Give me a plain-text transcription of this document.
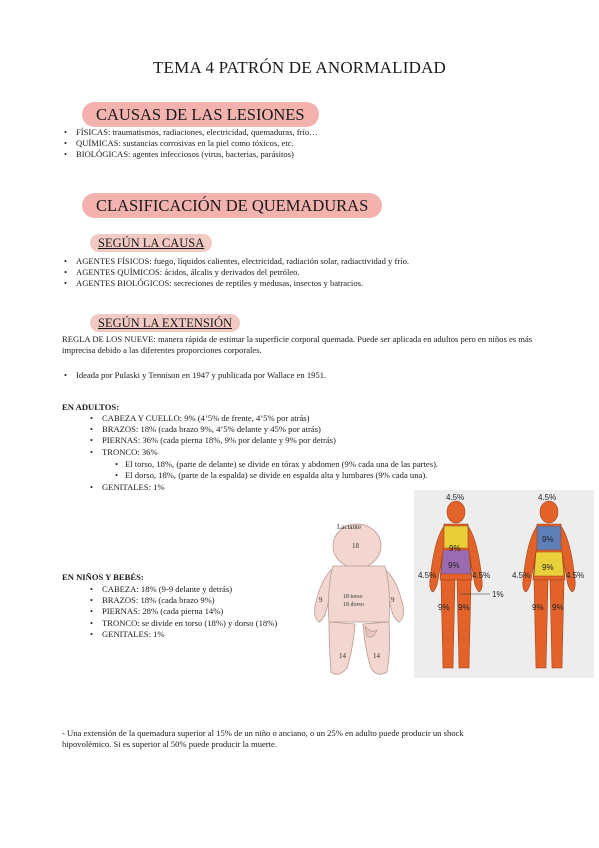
TEMA 4 PATRÓN DE ANORMALIDAD
CAUSAS DE LAS LESIONES
• FÍSICAS: traumatismos, radiaciones, electricidad, quemaduras, frío…
• QUÍMICAS: sustancias corrosivas en la piel como tóxicos, etc.
• BIOLÓGICAS: agentes infecciosos (virus, bacterias, parásitos)
CLASIFICACIÓN DE QUEMADURAS
SEGÚN LA CAUSA
• AGENTES FÍSICOS: fuego, líquidos calientes, electricidad, radiación solar, radiactividad y frío.
• AGENTES QUÍMICOS: ácidos, álcalis y derivados del petróleo.
• AGENTES BIOLÓGICOS: secreciones de reptiles y medusas, insectos y batracios.
SEGÚN LA EXTENSIÓN
REGLA DE LOS NUEVE: manera rápida de estimar la superficie corporal quemada. Puede ser aplicada en adultos pero en niños es más imprecisa debido a las diferentes proporciones corporales.
• Ideada por Pulaski y Tennison en 1947 y publicada por Wallace en 1951.
EN ADULTOS:
• CABEZA Y CUELLO: 9% (4’5% de frente, 4’5% por atrás)
• BRAZOS: 18% (cada brazo 9%, 4’5% delante y 45% por atrás)
• PIERNAS: 36% (cada pierna 18%, 9% por delante y 9% por detrás)
• TRONCO: 36%
• El torso, 18%, (parte de delante) se divide en tórax y abdomen (9% cada una de las partes).
• El dorso, 18%, (parte de la espalda) se divide en espalda alta y lumbares (9% cada una).
• GENITALES: 1%
EN NIÑOS Y BEBÉS:
• CABEZA: 18% (9-9 delante y detrás)
• BRAZOS: 18% (cada brazo 9%)
• PIERNAS: 28% (cada pierna 14%)
• TRONCO: se divide en torso (18%) y dorso (18%)
• GENITALES: 1%
Lactante
18
9	9
18 torso
18 dorso
14	14
4.5%	4.5%
9%
9%
4.5%	4.5%
1%
9% 9%
9%
9%
4.5%	4.5%
9% 9%
- Una extensión de la quemadura superior al 15% de un niño o anciano, o un 25% en adulto puede producir un shock hipovolémico. Si es superior al 50% puede producir la muerte.
